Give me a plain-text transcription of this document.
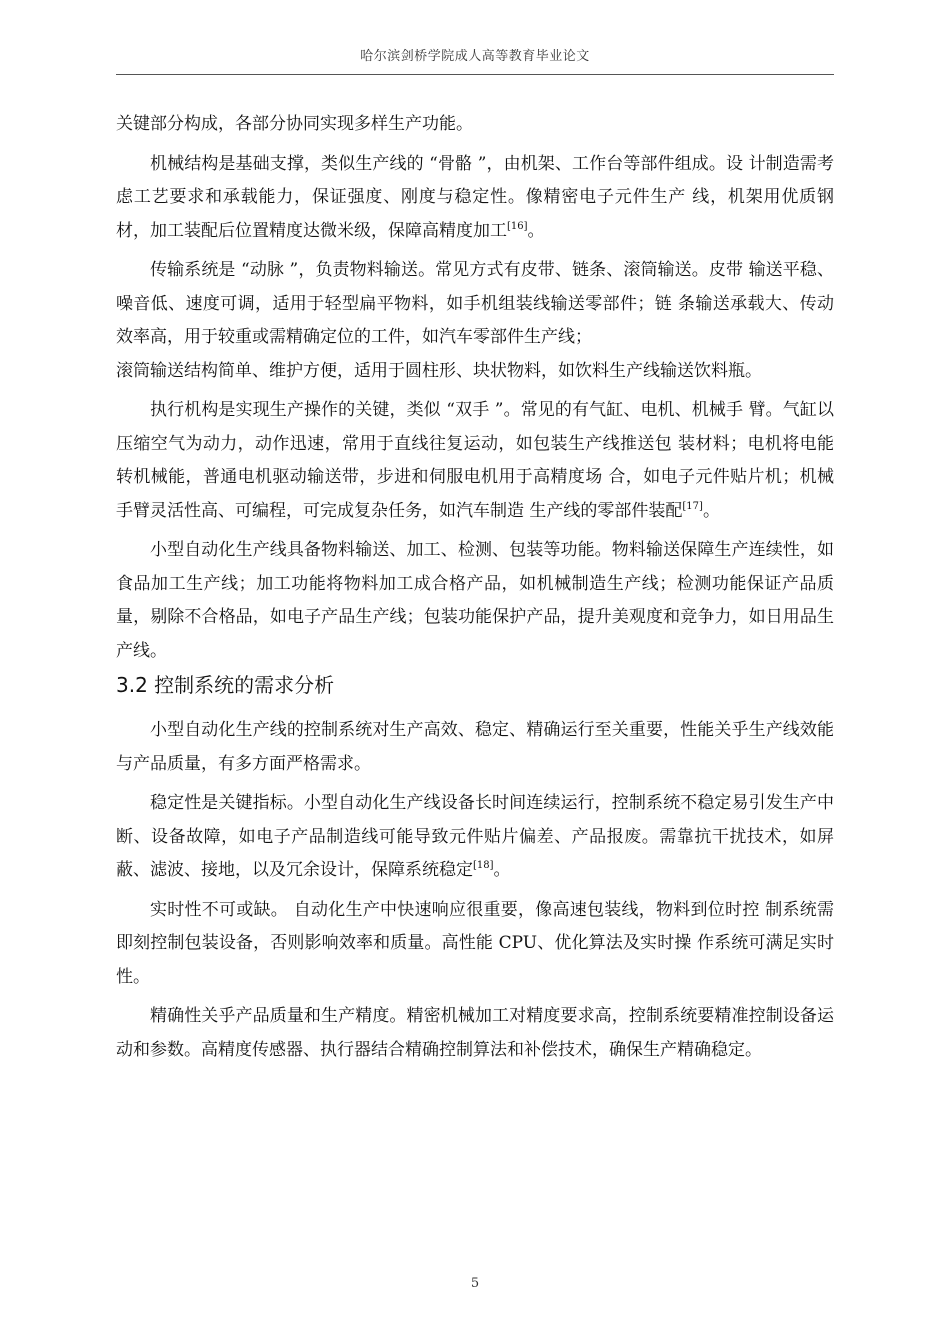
哈尔滨剑桥学院成人高等教育毕业论文

关键部分构成，各部分协同实现多样生产功能。

机械结构是基础支撑，类似生产线的 “骨骼 ”，由机架、工作台等部件组成。设 计制造需考虑工艺要求和承载能力，保证强度、刚度与稳定性。像精密电子元件生产 线，机架用优质钢材，加工装配后位置精度达微米级，保障高精度加工[16]。

传输系统是 “动脉 ”，负责物料输送。常见方式有皮带、链条、滚筒输送。皮带 输送平稳、噪音低、速度可调，适用于轻型扁平物料，如手机组装线输送零部件；链 条输送承载大、传动效率高，用于较重或需精确定位的工件，如汽车零部件生产线；

滚筒输送结构简单、维护方便，适用于圆柱形、块状物料，如饮料生产线输送饮料瓶。

执行机构是实现生产操作的关键，类似 “双手 ”。常见的有气缸、电机、机械手 臂。气缸以压缩空气为动力，动作迅速，常用于直线往复运动，如包装生产线推送包 装材料；电机将电能转机械能，普通电机驱动输送带，步进和伺服电机用于高精度场 合，如电子元件贴片机；机械手臂灵活性高、可编程，可完成复杂任务，如汽车制造 生产线的零部件装配[17]。

小型自动化生产线具备物料输送、加工、检测、包装等功能。物料输送保障生产连续性，如食品加工生产线；加工功能将物料加工成合格产品，如机械制造生产线；检测功能保证产品质量，剔除不合格品，如电子产品生产线；包装功能保护产品，提升美观度和竞争力，如日用品生产线。

3.2 控制系统的需求分析

小型自动化生产线的控制系统对生产高效、稳定、精确运行至关重要，性能关乎生产线效能与产品质量，有多方面严格需求。

稳定性是关键指标。小型自动化生产线设备长时间连续运行，控制系统不稳定易引发生产中断、设备故障，如电子产品制造线可能导致元件贴片偏差、产品报废。需靠抗干扰技术，如屏蔽、滤波、接地，以及冗余设计，保障系统稳定[18]。

实时性不可或缺。 自动化生产中快速响应很重要，像高速包装线，物料到位时控 制系统需即刻控制包装设备，否则影响效率和质量。高性能 CPU、优化算法及实时操 作系统可满足实时性。

精确性关乎产品质量和生产精度。精密机械加工对精度要求高，控制系统要精准控制设备运动和参数。高精度传感器、执行器结合精确控制算法和补偿技术，确保生产精确稳定。

5
